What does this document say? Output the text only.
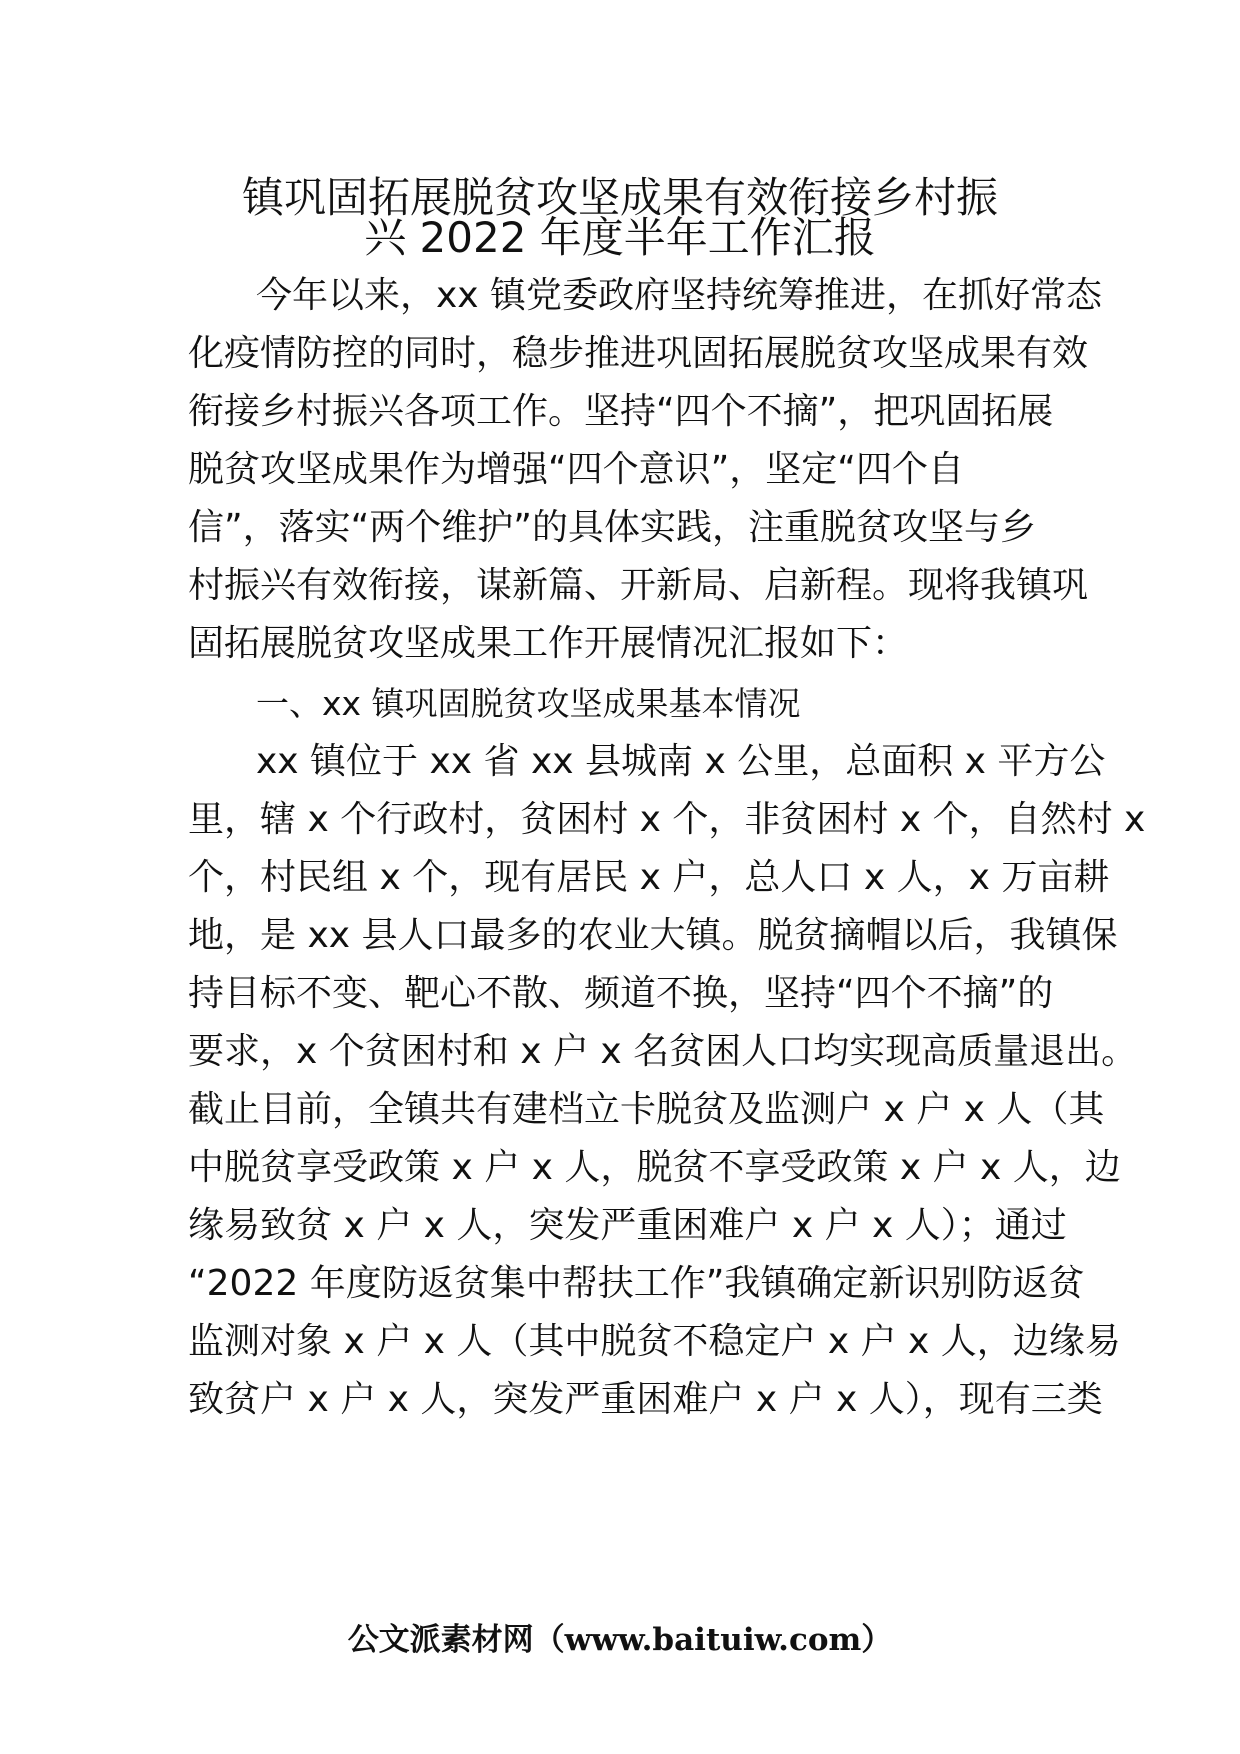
镇巩固拓展脱贫攻坚成果有效衔接乡村振
兴 2022 年度半年工作汇报
今年以来，xx 镇党委政府坚持统筹推进，在抓好常态
化疫情防控的同时，稳步推进巩固拓展脱贫攻坚成果有效
衔接乡村振兴各项工作。坚持“四个不摘”，把巩固拓展
脱贫攻坚成果作为增强“四个意识”，坚定“四个自
信”，落实“两个维护”的具体实践，注重脱贫攻坚与乡
村振兴有效衔接，谋新篇、开新局、启新程。现将我镇巩
固拓展脱贫攻坚成果工作开展情况汇报如下：
一、xx 镇巩固脱贫攻坚成果基本情况
xx 镇位于 xx 省 xx 县城南 x 公里，总面积 x 平方公
里，辖 x 个行政村，贫困村 x 个，非贫困村 x 个，自然村 x
个，村民组 x 个，现有居民 x 户，总人口 x 人，x 万亩耕
地，是 xx 县人口最多的农业大镇。脱贫摘帽以后，我镇保
持目标不变、靶心不散、频道不换，坚持“四个不摘”的
要求，x 个贫困村和 x 户 x 名贫困人口均实现高质量退出。
截止目前，全镇共有建档立卡脱贫及监测户 x 户 x 人（其
中脱贫享受政策 x 户 x 人，脱贫不享受政策 x 户 x 人，边
缘易致贫 x 户 x 人，突发严重困难户 x 户 x 人）；通过
“2022 年度防返贫集中帮扶工作”我镇确定新识别防返贫
监测对象 x 户 x 人（其中脱贫不稳定户 x 户 x 人，边缘易
致贫户 x 户 x 人，突发严重困难户 x 户 x 人），现有三类
公文派素材网（www.baituiw.com）
